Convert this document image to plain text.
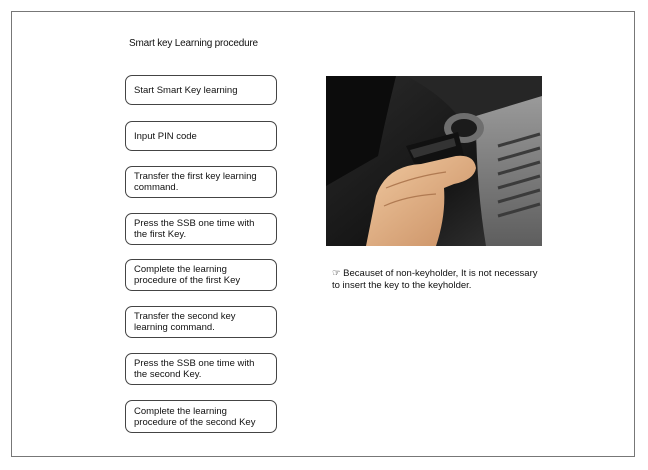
Smart key Learning procedure
Start Smart Key learning
Input PIN code
Transfer the first key learning command.
Press the SSB one time with the first Key.
Complete the learning procedure of the first Key
Transfer the second key learning command.
Press the SSB one time with the second Key.
Complete the learning procedure of the second Key
☞ Becauset of non-keyholder, It is not necessary to insert the key to the keyholder.
